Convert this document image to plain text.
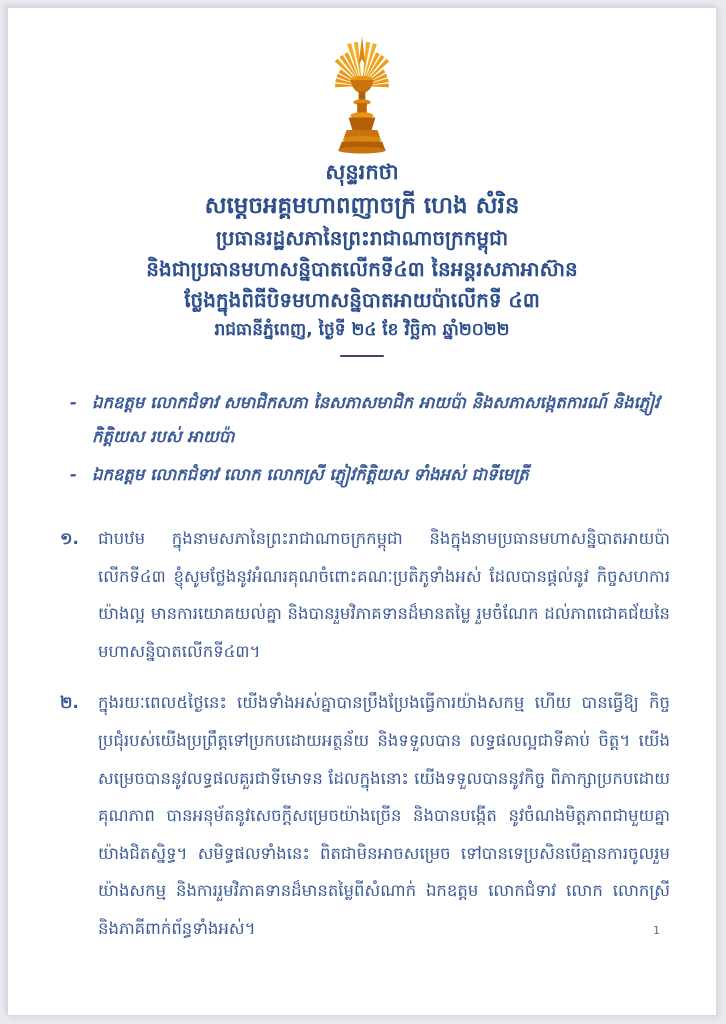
សុន្ទរកថា
សម្តេចអគ្គមហាពញាចក្រី ហេង សំរិន
ប្រធានរដ្ឋសភានៃព្រះរាជាណាចក្រកម្ពុជា
និងជាប្រធានមហាសន្និបាតលើកទី៤៣ នៃអន្តរសភាអាស៊ាន
ថ្លែងក្នុងពិធីបិទមហាសន្និបាតអាយប៉ាលើកទី ៤៣
រាជធានីភ្នំពេញ, ថ្ងៃទី ២៤ ខែ វិច្ឆិកា ឆ្នាំ២០២២
- ឯកឧត្តម លោកជំទាវ សមាជិកសភា នៃសភាសមាជិក អាយប៉ា និងសភាសង្កេតការណ៍ និងភ្ញៀវកិត្តិយស របស់ អាយប៉ា
- ឯកឧត្តម លោកជំទាវ លោក លោកស្រី ភ្ញៀវកិត្តិយស ទាំងអស់ ជាទីមេត្រី
១.	ជាបឋម ក្នុងនាមសភានៃព្រះរាជាណាចក្រកម្ពុជា និងក្នុងនាមប្រធានមហាសន្និបាតអាយប៉ា លើកទី៤៣ ខ្ញុំសូមថ្លែងនូវអំណរគុណចំពោះគណៈប្រតិភូទាំងអស់ ដែលបានផ្តល់នូវ កិច្ចសហការយ៉ាងល្អ មានការយោគយល់គ្នា និងបានរួមវិភាគទានដ៏មានតម្លៃ រួមចំណែក ដល់ភាពជោគជ័យនៃមហាសន្និបាតលើកទី៤៣។
២.	ក្នុងរយៈពេល៥ថ្ងៃនេះ យើងទាំងអស់គ្នាបានប្រឹងប្រែងធ្វើការយ៉ាងសកម្ម ហើយ បានធ្វើឱ្យ កិច្ចប្រជុំរបស់យើងប្រព្រឹត្តទៅប្រកបដោយអត្ថន័យ និងទទួលបាន លទ្ធផលល្អជាទីគាប់ ចិត្ត។ យើងសម្រេចបាននូវលទ្ធផលគួរជាទីមោទន ដែលក្នុងនោះ យើងទទួលបាននូវកិច្ច ពិភាក្សាប្រកបដោយគុណភាព បានអនុម័តនូវសេចក្តីសម្រេចយ៉ាងច្រើន និងបានបង្កើត នូវចំណងមិត្តភាពជាមួយគ្នា យ៉ាងជិតស្និទ្ធ។ សមិទ្ធផលទាំងនេះ ពិតជាមិនអាចសម្រេច ទៅបានទេប្រសិនបើគ្មានការចូលរួមយ៉ាងសកម្ម និងការរួមវិភាគទានដ៏មានតម្លៃពីសំណាក់ ឯកឧត្តម លោកជំទាវ លោក លោកស្រី និងភាគីពាក់ព័ន្ធទាំងអស់។	1
